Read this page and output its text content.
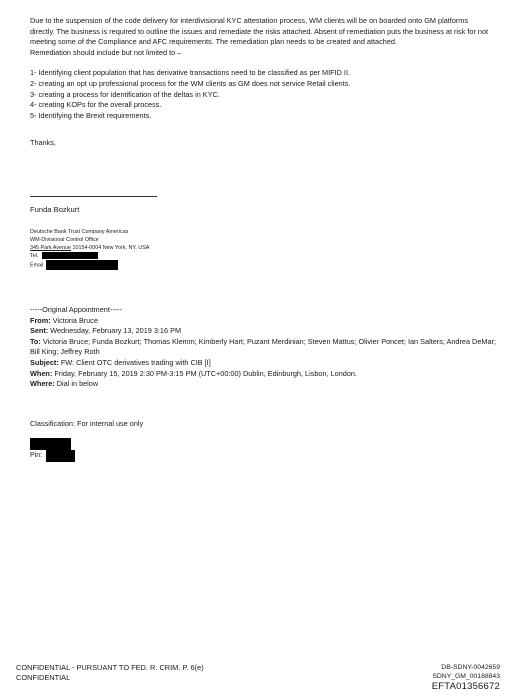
Due to the suspension of the code delivery for interdivisional KYC attestation process, WM clients will be on boarded onto GM platforms directly. The business is required to outline the issues and remediate the risks attached. Absent of remediation puts the business at risk for not meeting some of the Compliance and AFC requirements. The remediation plan needs to be created and attached.

Remediation should include but not limited to –

1- Identifying client population that has derivative transactions need to be classified as per MIFID II.

2- creating an opt up professional process for the WM clients as GM does not service Retail clients.

3- creating a process for identification of the deltas in KYC.

4- creating KOPs for the overall process.

5- Identifying the Brexit requirements.

Thanks,

Funda Bozkurt
Deutsche Bank Trust Company Americas
WM-Divisional Control Office
345 Park Avenue 10154-0004 New York, NY, USA
Tel.
Email

-----Original Appointment-----

From: Victoria Bruce

Sent: Wednesday, February 13, 2019 3:16 PM

To: Victoria Bruce; Funda Bozkurt; Thomas Klemm; Kimberly Hart; Puzant Merdinian; Steven Mattus; Olivier Poncet; Ian Salters; Andrea DeMar; Bill King; Jeffrey Roth

Subject: FW: Client OTC derivatives trading with CIB [I]

When: Friday, February 15, 2019 2:30 PM-3:15 PM (UTC+00:00) Dublin, Edinburgh, Lisbon, London.

Where: Dial in below

Classification: For internal use only
Pin:
CONFIDENTIAL - PURSUANT TO FED. R. CRIM. P. 6(e)
CONFIDENTIAL
DB-SDNY-0042659
SDNY_GM_00188843
EFTA01356672
